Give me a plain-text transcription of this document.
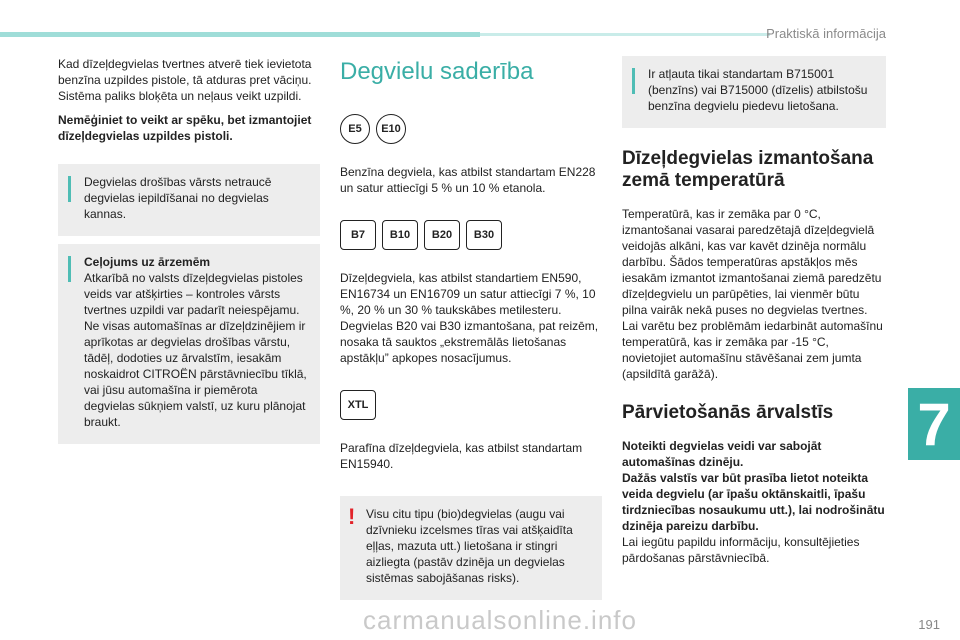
Praktiskā informācija

Kad dīzeļdegvielas tvertnes atverē tiek ievietota benzīna uzpildes pistole, tā atduras pret vāciņu. Sistēma paliks bloķēta un neļaus veikt uzpildi.

Nemēģiniet to veikt ar spēku, bet izmantojiet dīzeļdegvielas uzpildes pistoli.

Degvielas drošības vārsts netraucē degvielas iepildīšanai no degvielas kannas.
Ceļojums uz ārzemēm
Atkarībā no valsts dīzeļdegvielas pistoles veids var atšķirties – kontroles vārsts tvertnes uzpildi var padarīt neiespējamu. Ne visas automašīnas ar dīzeļdzinējiem ir aprīkotas ar degvielas drošības vārstu, tādēļ, dodoties uz ārvalstīm, iesakām noskaidrot CITROËN pārstāvniecību tīklā, vai jūsu automašīna ir piemērota degvielas sūkņiem valstī, uz kuru plānojat braukt.
Degvielu saderība
E5	E10

Benzīna degviela, kas atbilst standartam EN228 un satur attiecīgi 5 % un 10 % etanola.

B7	B10	B20	B30

Dīzeļdegviela, kas atbilst standartiem EN590, EN16734 un EN16709 un satur attiecīgi 7 %, 10 %, 20 % un 30 % taukskābes metilesteru. Degvielas B20 vai B30 izmantošana, pat reizēm, nosaka tā sauktos „ekstremālās lietošanas apstākļu” apkopes nosacījumus.

XTL

Parafīna dīzeļdegviela, kas atbilst standartam EN15940.

! Visu citu tipu (bio)degvielas (augu vai dzīvnieku izcelsmes tīras vai atšķaidīta eļļas, mazuta utt.) lietošana ir stingri aizliegta (pastāv dzinēja un degvielas sistēmas sabojāšanas risks).
Ir atļauta tikai standartam B715001 (benzīns) vai B715000 (dīzelis) atbilstošu benzīna degvielu piedevu lietošana.
Dīzeļdegvielas izmantošana zemā temperatūrā

Temperatūrā, kas ir zemāka par 0 °C, izmantošanai vasarai paredzētajā dīzeļdegvielā veidojās alkāni, kas var kavēt dzinēja normālu darbību. Šādos temperatūras apstākļos mēs iesakām izmantot izmantošanai ziemā paredzētu dīzeļdegvielu un parūpēties, lai vienmēr būtu pilna vairāk nekā puses no degvielas tvertnes.
Lai varētu bez problēmām iedarbināt automašīnu temperatūrā, kas ir zemāka par -15 °C, novietojiet automašīnu stāvēšanai zem jumta (apsildītā garāžā).

Pārvietošanās ārvalstīs

Noteikti degvielas veidi var sabojāt automašīnas dzinēju.
Dažās valstīs var būt prasība lietot noteikta veida degvielu (ar īpašu oktānskaitli, īpašu tirdzniecības nosaukumu utt.), lai nodrošinātu dzinēja pareizu darbību.

Lai iegūtu papildu informāciju, konsultējieties pārdošanas pārstāvniecībā.

7
191
carmanualsonline.info
